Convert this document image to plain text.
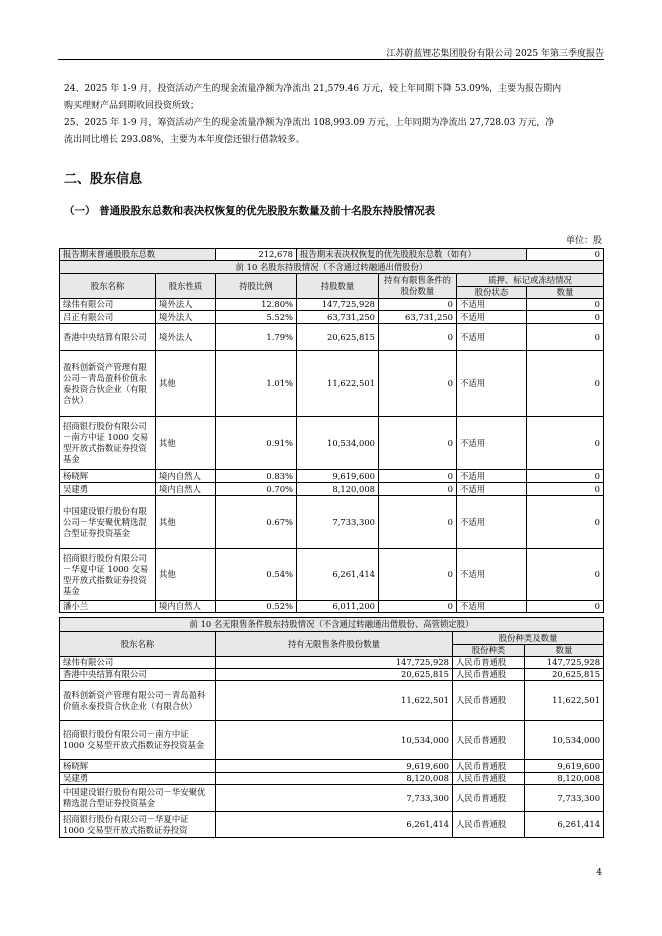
江苏蔚蓝锂芯集团股份有限公司 2025 年第三季度报告
24、2025 年 1-9 月，投资活动产生的现金流量净额为净流出 21,579.46 万元，较上年同期下降 53.09%，主要为报告期内
购买理财产品到期收回投资所致；
25、2025 年 1-9 月，筹资活动产生的现金流量净额为净流出 108,993.09 万元，上年同期为净流出 27,728.03 万元，净
流出同比增长 293.08%，主要为本年度偿还银行借款较多。
二、股东信息
（一） 普通股股东总数和表决权恢复的优先股股东数量及前十名股东持股情况表
单位：股
报告期末普通股股东总数		212,678	报告期末表决权恢复的优先股股东总数（如有）			0
前 10 名股东持股情况（不含通过转融通出借股份）						
股东名称	股东性质	持股比例	持股数量	持有有限售条件的股份数量	质押、标记或冻结情况	
					股份状态	数量
绿伟有限公司	境外法人	12.80%	147,725,928	0	不适用	0
吕正有限公司	境外法人	5.52%	63,731,250	63,731,250	不适用	0
香港中央结算有限公司	境外法人	1.79%	20,625,815	0	不适用	0
盈科创新资产管理有限公司－青岛盈科价值永泰投资合伙企业（有限合伙）	其他	1.01%	11,622,501	0	不适用	0
招商银行股份有限公司－南方中证 1000 交易型开放式指数证券投资基金	其他	0.91%	10,534,000	0	不适用	0
杨晓辉	境内自然人	0.83%	9,619,600	0	不适用	0
吴建勇	境内自然人	0.70%	8,120,008	0	不适用	0
中国建设银行股份有限公司－华安聚优精选混合型证券投资基金	其他	0.67%	7,733,300	0	不适用	0
招商银行股份有限公司－华夏中证 1000 交易型开放式指数证券投资基金	其他	0.54%	6,261,414	0	不适用	0
潘小兰	境内自然人	0.52%	6,011,200	0	不适用	0
前 10 名无限售条件股东持股情况（不含通过转融通出借股份、高管锁定股）			
股东名称	持有无限售条件股份数量	股份种类及数量	
		股份种类	数量
绿伟有限公司	147,725,928	人民币普通股	147,725,928
香港中央结算有限公司	20,625,815	人民币普通股	20,625,815
盈科创新资产管理有限公司－青岛盈科价值永泰投资合伙企业（有限合伙）	11,622,501	人民币普通股	11,622,501
招商银行股份有限公司－南方中证 1000 交易型开放式指数证券投资基金	10,534,000	人民币普通股	10,534,000
杨晓辉	9,619,600	人民币普通股	9,619,600
吴建勇	8,120,008	人民币普通股	8,120,008
中国建设银行股份有限公司－华安聚优精选混合型证券投资基金	7,733,300	人民币普通股	7,733,300
招商银行股份有限公司－华夏中证 1000 交易型开放式指数证券投资	6,261,414	人民币普通股	6,261,414
4
